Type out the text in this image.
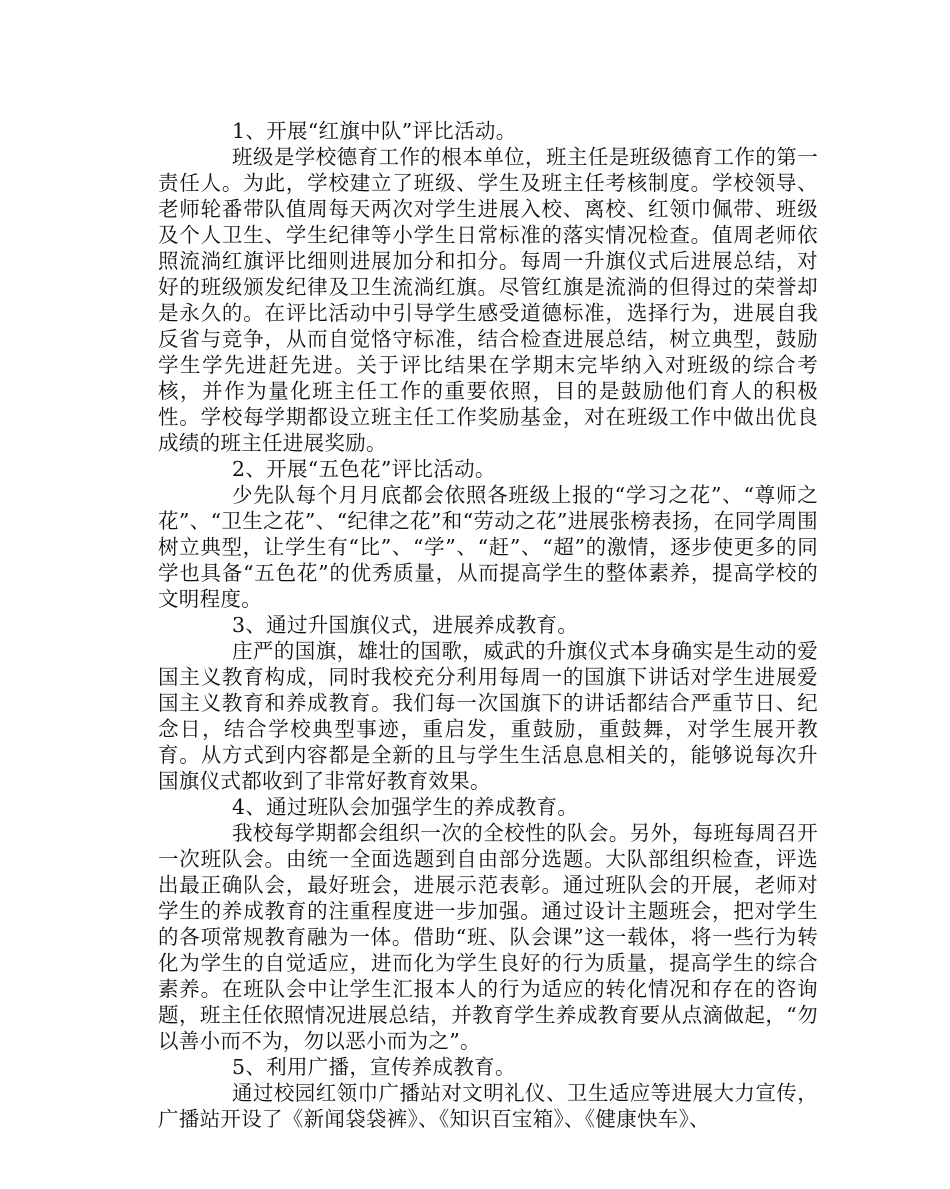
1、开展“红旗中队”评比活动。

班级是学校德育工作的根本单位，班主任是班级德育工作的第一责任人。为此，学校建立了班级、学生及班主任考核制度。学校领导、老师轮番带队值周每天两次对学生进展入校、离校、红领巾佩带、班级及个人卫生、学生纪律等小学生日常标准的落实情况检查。值周老师依照流淌红旗评比细则进展加分和扣分。每周一升旗仪式后进展总结，对好的班级颁发纪律及卫生流淌红旗。尽管红旗是流淌的但得过的荣誉却是永久的。在评比活动中引导学生感受道德标准，选择行为，进展自我反省与竞争，从而自觉恪守标准，结合检查进展总结，树立典型，鼓励学生学先进赶先进。关于评比结果在学期末完毕纳入对班级的综合考核，并作为量化班主任工作的重要依照，目的是鼓励他们育人的积极性。学校每学期都设立班主任工作奖励基金，对在班级工作中做出优良成绩的班主任进展奖励。

2、开展“五色花”评比活动。

少先队每个月月底都会依照各班级上报的“学习之花”、“尊师之花”、“卫生之花”、“纪律之花”和“劳动之花”进展张榜表扬，在同学周围树立典型，让学生有“比”、“学”、“赶”、“超”的激情，逐步使更多的同学也具备“五色花”的优秀质量，从而提高学生的整体素养，提高学校的文明程度。

3、通过升国旗仪式，进展养成教育。

庄严的国旗，雄壮的国歌，威武的升旗仪式本身确实是生动的爱国主义教育构成，同时我校充分利用每周一的国旗下讲话对学生进展爱国主义教育和养成教育。我们每一次国旗下的讲话都结合严重节日、纪念日，结合学校典型事迹，重启发，重鼓励，重鼓舞，对学生展开教育。从方式到内容都是全新的且与学生生活息息相关的，能够说每次升国旗仪式都收到了非常好教育效果。

4、通过班队会加强学生的养成教育。

我校每学期都会组织一次的全校性的队会。另外，每班每周召开一次班队会。由统一全面选题到自由部分选题。大队部组织检查，评选出最正确队会，最好班会，进展示范表彰。通过班队会的开展，老师对学生的养成教育的注重程度进一步加强。通过设计主题班会，把对学生的各项常规教育融为一体。借助“班、队会课”这一载体，将一些行为转化为学生的自觉适应，进而化为学生良好的行为质量，提高学生的综合素养。在班队会中让学生汇报本人的行为适应的转化情况和存在的咨询题，班主任依照情况进展总结，并教育学生养成教育要从点滴做起，“勿以善小而不为，勿以恶小而为之”。

5、利用广播，宣传养成教育。

通过校园红领巾广播站对文明礼仪、卫生适应等进展大力宣传，广播站开设了《新闻袋袋裤》、《知识百宝箱》、《健康快车》、
